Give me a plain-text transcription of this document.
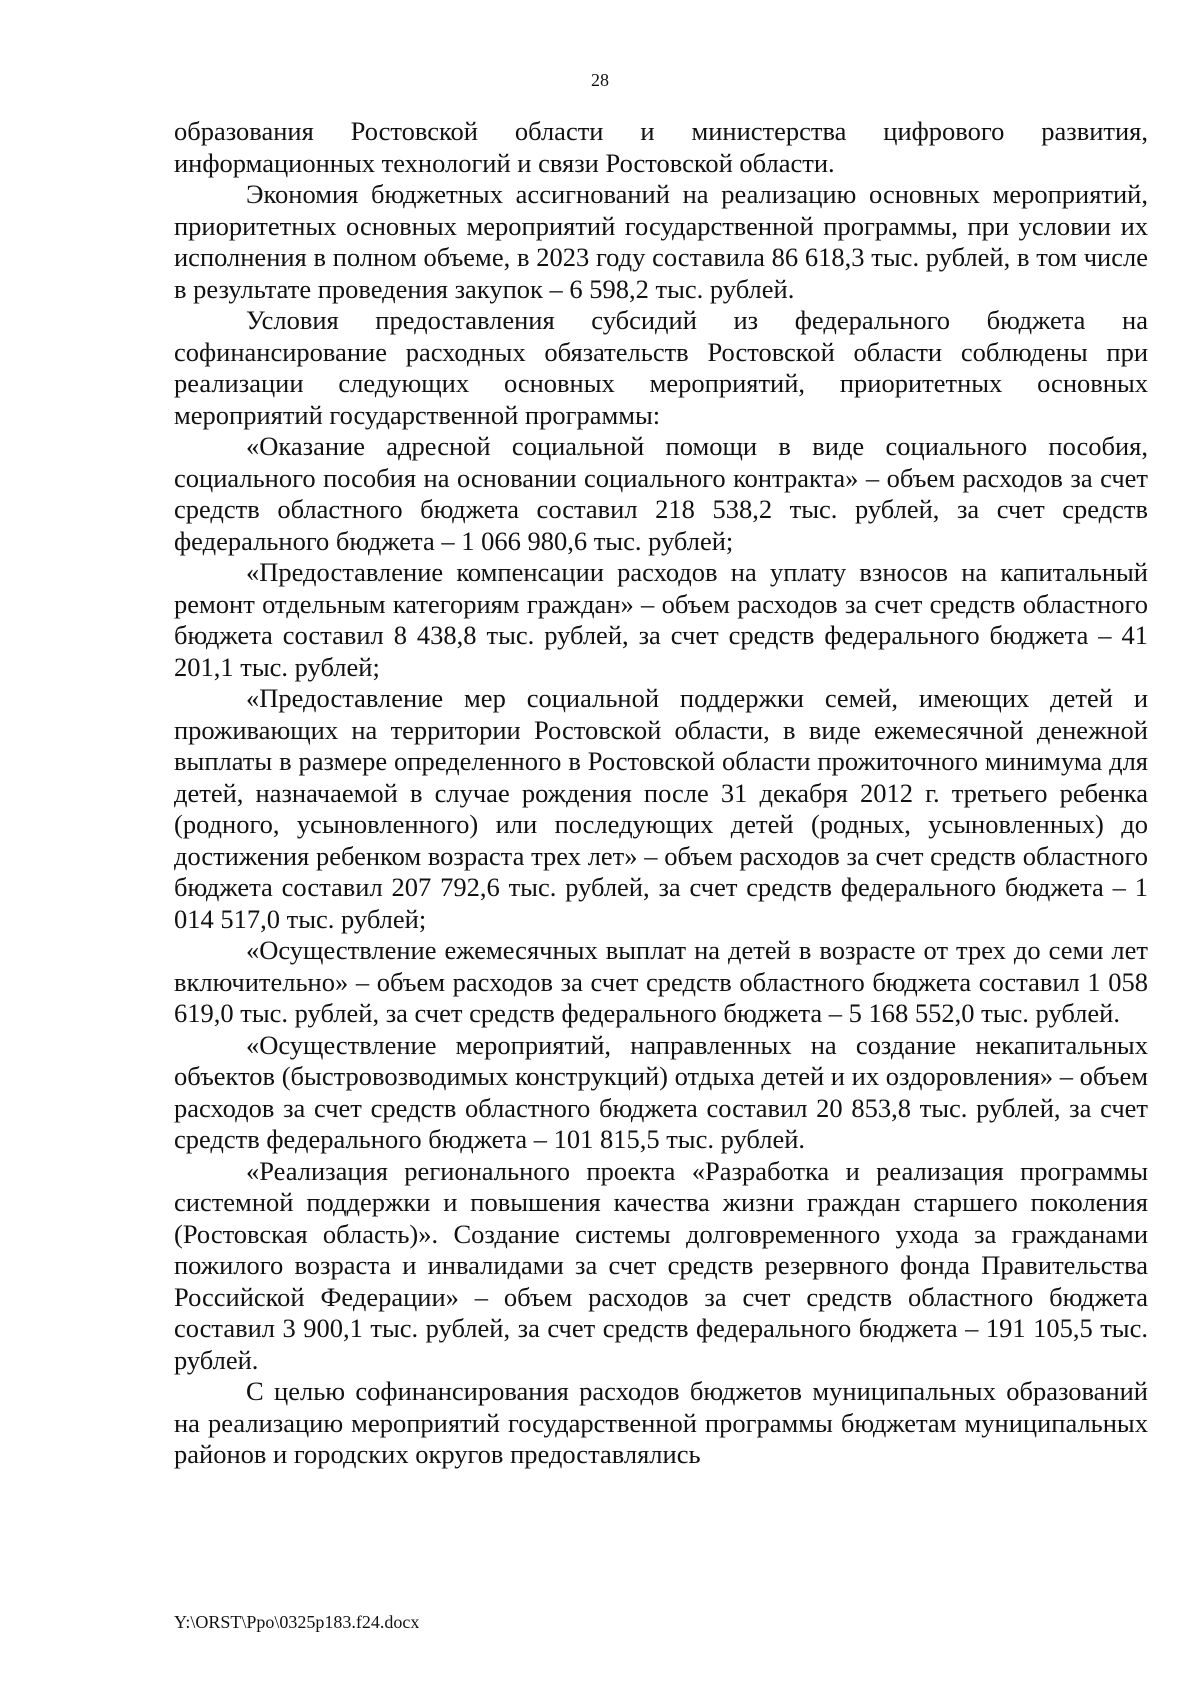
28

образования Ростовской области и министерства цифрового развития, информационных технологий и связи Ростовской области.

Экономия бюджетных ассигнований на реализацию основных мероприятий, приоритетных основных мероприятий государственной программы, при условии их исполнения в полном объеме, в 2023 году составила 86 618,3 тыс. рублей, в том числе в результате проведения закупок – 6 598,2 тыс. рублей.

Условия предоставления субсидий из федерального бюджета на софинансирование расходных обязательств Ростовской области соблюдены при реализации следующих основных мероприятий, приоритетных основных мероприятий государственной программы:

«Оказание адресной социальной помощи в виде социального пособия, социального пособия на основании социального контракта» – объем расходов за счет средств областного бюджета составил 218 538,2 тыс. рублей, за счет средств федерального бюджета – 1 066 980,6 тыс. рублей;

«Предоставление компенсации расходов на уплату взносов на капитальный ремонт отдельным категориям граждан» – объем расходов за счет средств областного бюджета составил 8 438,8 тыс. рублей, за счет средств федерального бюджета – 41 201,1 тыс. рублей;

«Предоставление мер социальной поддержки семей, имеющих детей и проживающих на территории Ростовской области, в виде ежемесячной денежной выплаты в размере определенного в Ростовской области прожиточного минимума для детей, назначаемой в случае рождения после 31 декабря 2012 г. третьего ребенка (родного, усыновленного) или последующих детей (родных, усыновленных) до достижения ребенком возраста трех лет» – объем расходов за счет средств областного бюджета составил 207 792,6 тыс. рублей, за счет средств федерального бюджета – 1 014 517,0 тыс. рублей;

«Осуществление ежемесячных выплат на детей в возрасте от трех до семи лет включительно» – объем расходов за счет средств областного бюджета составил 1 058 619,0 тыс. рублей, за счет средств федерального бюджета – 5 168 552,0 тыс. рублей.

«Осуществление мероприятий, направленных на создание некапитальных объектов (быстровозводимых конструкций) отдыха детей и их оздоровления» – объем расходов за счет средств областного бюджета составил 20 853,8 тыс. рублей, за счет средств федерального бюджета – 101 815,5 тыс. рублей.

«Реализация регионального проекта «Разработка и реализация программы системной поддержки и повышения качества жизни граждан старшего поколения (Ростовская область)». Создание системы долговременного ухода за гражданами пожилого возраста и инвалидами за счет средств резервного фонда Правительства Российской Федерации» – объем расходов за счет средств областного бюджета составил 3 900,1 тыс. рублей, за счет средств федерального бюджета – 191 105,5 тыс. рублей.

С целью софинансирования расходов бюджетов муниципальных образований на реализацию мероприятий государственной программы бюджетам муниципальных районов и городских округов предоставлялись

Y:\ORST\Ppo\0325p183.f24.docx
